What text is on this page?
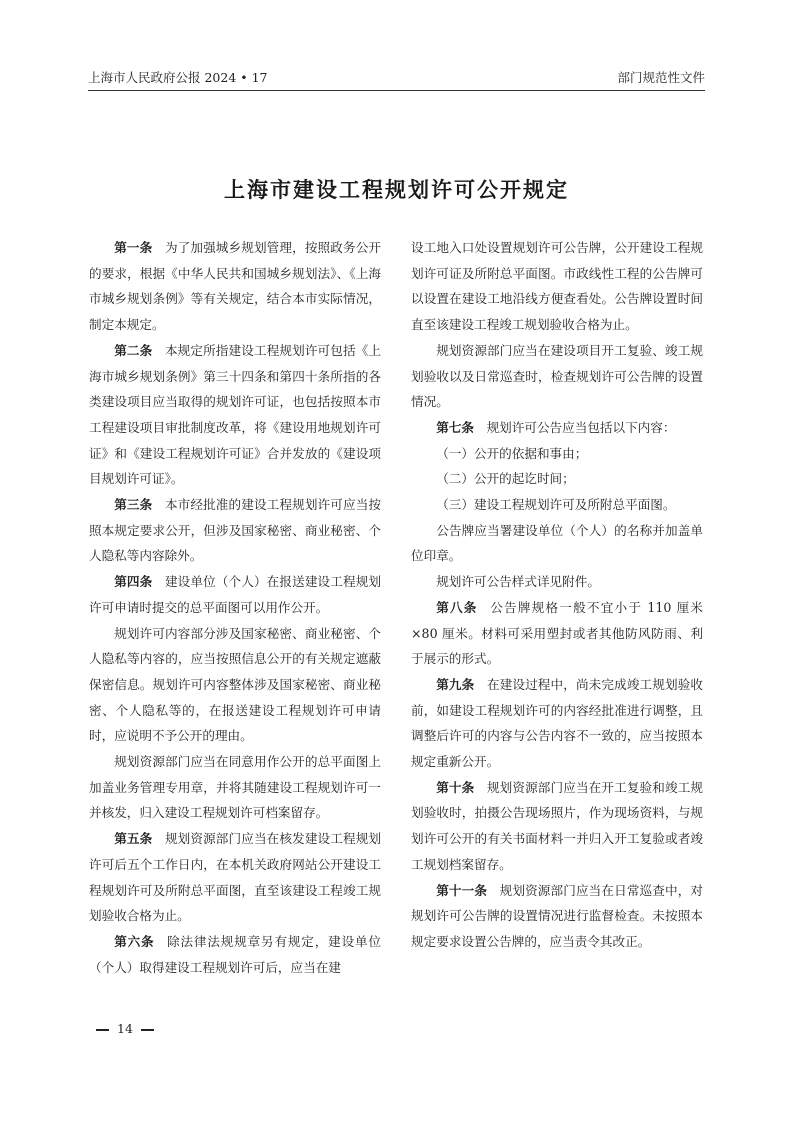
上海市人民政府公报 2024 • 17	部门规范性文件
上海市建设工程规划许可公开规定

第一条 为了加强城乡规划管理，按照政务公开的要求，根据《中华人民共和国城乡规划法》、《上海市城乡规划条例》等有关规定，结合本市实际情况，制定本规定。

第二条 本规定所指建设工程规划许可包括《上海市城乡规划条例》第三十四条和第四十条所指的各类建设项目应当取得的规划许可证，也包括按照本市工程建设项目审批制度改革，将《建设用地规划许可证》和《建设工程规划许可证》合并发放的《建设项目规划许可证》。

第三条 本市经批准的建设工程规划许可应当按照本规定要求公开，但涉及国家秘密、商业秘密、个人隐私等内容除外。

第四条 建设单位（个人）在报送建设工程规划许可申请时提交的总平面图可以用作公开。

规划许可内容部分涉及国家秘密、商业秘密、个人隐私等内容的，应当按照信息公开的有关规定遮蔽保密信息。规划许可内容整体涉及国家秘密、商业秘密、个人隐私等的，在报送建设工程规划许可申请时，应说明不予公开的理由。

规划资源部门应当在同意用作公开的总平面图上加盖业务管理专用章，并将其随建设工程规划许可一并核发，归入建设工程规划许可档案留存。

第五条 规划资源部门应当在核发建设工程规划许可后五个工作日内，在本机关政府网站公开建设工程规划许可及所附总平面图，直至该建设工程竣工规划验收合格为止。

第六条 除法律法规规章另有规定，建设单位（个人）取得建设工程规划许可后，应当在建

设工地入口处设置规划许可公告牌，公开建设工程规划许可证及所附总平面图。市政线性工程的公告牌可以设置在建设工地沿线方便查看处。公告牌设置时间直至该建设工程竣工规划验收合格为止。

规划资源部门应当在建设项目开工复验、竣工规划验收以及日常巡查时，检查规划许可公告牌的设置情况。

第七条 规划许可公告应当包括以下内容：

（一）公开的依据和事由；

（二）公开的起讫时间；

（三）建设工程规划许可及所附总平面图。

公告牌应当署建设单位（个人）的名称并加盖单位印章。

规划许可公告样式详见附件。

第八条 公告牌规格一般不宜小于 110 厘米×80 厘米。材料可采用塑封或者其他防风防雨、利于展示的形式。

第九条 在建设过程中，尚未完成竣工规划验收前，如建设工程规划许可的内容经批准进行调整，且调整后许可的内容与公告内容不一致的，应当按照本规定重新公开。

第十条 规划资源部门应当在开工复验和竣工规划验收时，拍摄公告现场照片，作为现场资料，与规划许可公开的有关书面材料一并归入开工复验或者竣工规划档案留存。

第十一条 规划资源部门应当在日常巡查中，对规划许可公告牌的设置情况进行监督检查。未按照本规定要求设置公告牌的，应当责令其改正。

14
